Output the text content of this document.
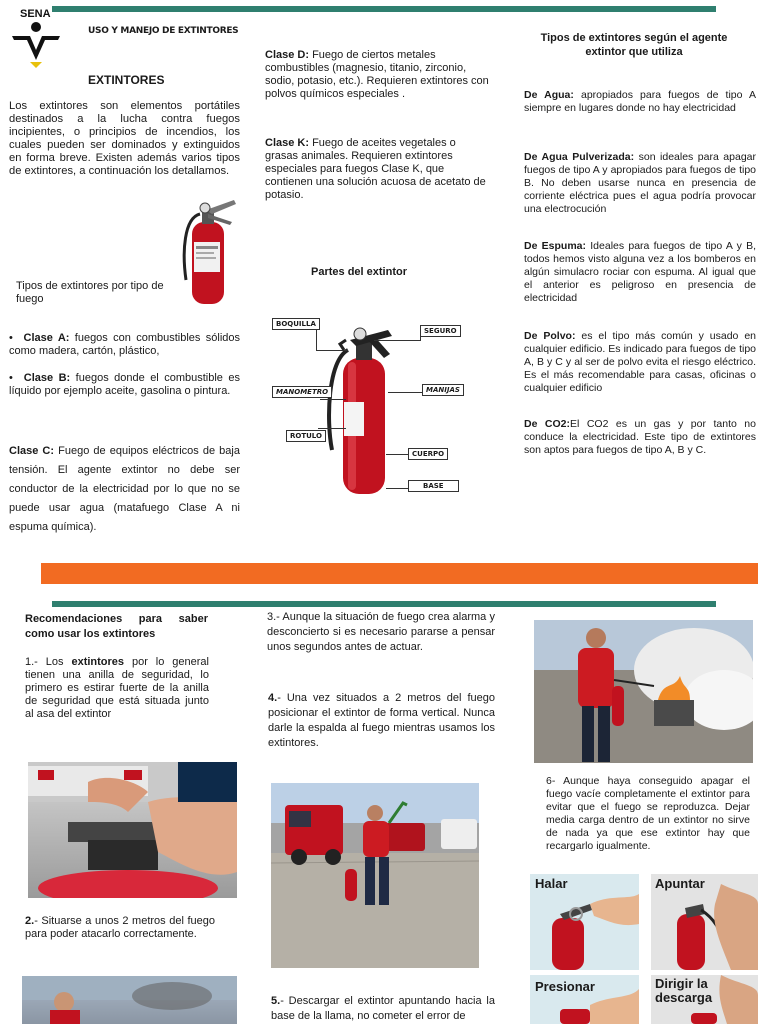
SENA
USO Y MANEJO DE EXTINTORES
EXTINTORES
Los extintores son elementos portátiles destinados a la lucha contra fuegos incipientes, o principios de incendios, los cuales pueden ser dominados y extinguidos en forma breve. Existen además varios tipos de extintores, a continuación los detallamos.
Tipos de extintores por tipo de fuego
•  Clase A: fuegos con combustibles sólidos como madera, cartón, plástico,
•  Clase B: fuegos donde el combustible es líquido por ejemplo aceite, gasolina o pintura.
Clase C: Fuego de equipos eléctricos de baja tensión. El agente extintor no debe ser conductor de la electricidad por lo que no se puede usar agua (matafuego Clase A ni espuma química).
Clase D: Fuego de ciertos metales combustibles (magnesio, titanio, zirconio, sodio, potasio, etc.). Requieren extintores con polvos químicos especiales .
Clase K: Fuego de aceites vegetales o grasas animales. Requieren extintores especiales para fuegos Clase K, que contienen una solución acuosa de acetato de potasio.
Partes del extintor
BOQUILLA
SEGURO
MANOMETRO	MANIJAS
ROTULO
CUERPO
BASE
Tipos de extintores según el agente extintor que utiliza
De Agua: apropiados para fuegos de tipo A siempre en lugares donde no hay electricidad
De Agua Pulverizada: son ideales para apagar fuegos de tipo A y apropiados para fuegos de tipo B. No deben usarse nunca en presencia de corriente eléctrica pues el agua podría provocar una electrocución
De Espuma: Ideales para fuegos de tipo A y B, todos hemos visto alguna vez a los bomberos en algún simulacro rociar con espuma. Al igual que el anterior es peligroso en presencia de electricidad
De Polvo: es el tipo más común y usado en cualquier edificio. Es indicado para fuegos de tipo A, B y C y al ser de polvo evita el riesgo eléctrico. Es el más recomendable para casas, oficinas o cualquier edificio
De CO2:El CO2 es un gas y por tanto no conduce la electricidad. Este tipo de extintores son aptos para fuegos de tipo A, B y C.
Recomendaciones para saber como usar los extintores
1.- Los extintores por lo general tienen una anilla de seguridad, lo primero es estirar fuerte de la anilla de seguridad que está situada junto al asa del extintor
2.- Situarse a unos 2 metros del fuego para poder atacarlo correctamente.
3.- Aunque la situación de fuego crea alarma y desconcierto si es necesario pararse a pensar unos segundos antes de actuar.
4.- Una vez situados a 2 metros del fuego posicionar el extintor de forma vertical. Nunca darle la espalda al fuego mientras usamos los extintores.
5.- Descargar el extintor apuntando hacia la base de la llama, no cometer el error de
6- Aunque haya conseguido apagar el fuego vacíe completamente el extintor para evitar que el fuego se reproduzca. Dejar media carga dentro de un extintor no sirve de nada ya que ese extintor hay que recargarlo igualmente.
Halar	Apuntar
Presionar	Dirigir la descarga
